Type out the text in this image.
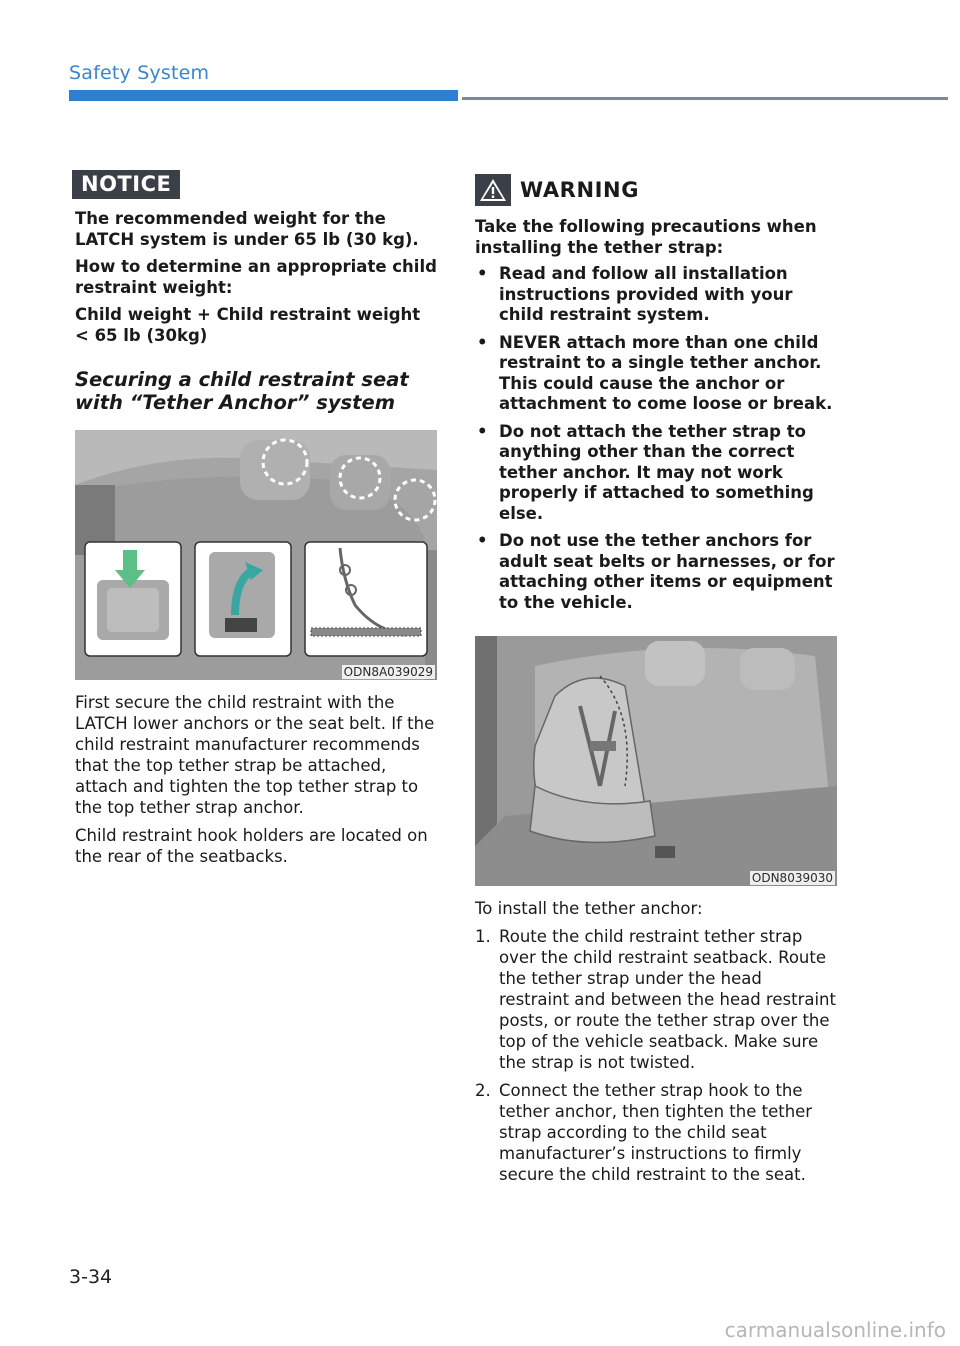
Safety System
NOTICE

The recommended weight for the LATCH system is under 65 lb (30 kg).

How to determine an appropriate child restraint weight:

Child weight + Child restraint weight < 65 lb (30kg)

Securing a child restraint seat with “Tether Anchor” system
ODN8A039029

First secure the child restraint with the LATCH lower anchors or the seat belt. If the child restraint manufacturer recommends that the top tether strap be attached, attach and tighten the top tether strap to the top tether strap anchor.

Child restraint hook holders are located on the rear of the seatbacks.

WARNING

Take the following precautions when installing the tether strap:

• Read and follow all installation instructions provided with your child restraint system.
• NEVER attach more than one child restraint to a single tether anchor. This could cause the anchor or attachment to come loose or break.
• Do not attach the tether strap to anything other than the correct tether anchor. It may not work properly if attached to something else.
• Do not use the tether anchors for adult seat belts or harnesses, or for attaching other items or equipment to the vehicle.
ODN8039030

To install the tether anchor:

1. Route the child restraint tether strap over the child restraint seatback. Route the tether strap under the head restraint and between the head restraint posts, or route the tether strap over the top of the vehicle seatback. Make sure the strap is not twisted.
2. Connect the tether strap hook to the tether anchor, then tighten the tether strap according to the child seat manufacturer’s instructions to firmly secure the child restraint to the seat.
3-34
carmanualsonline.info
